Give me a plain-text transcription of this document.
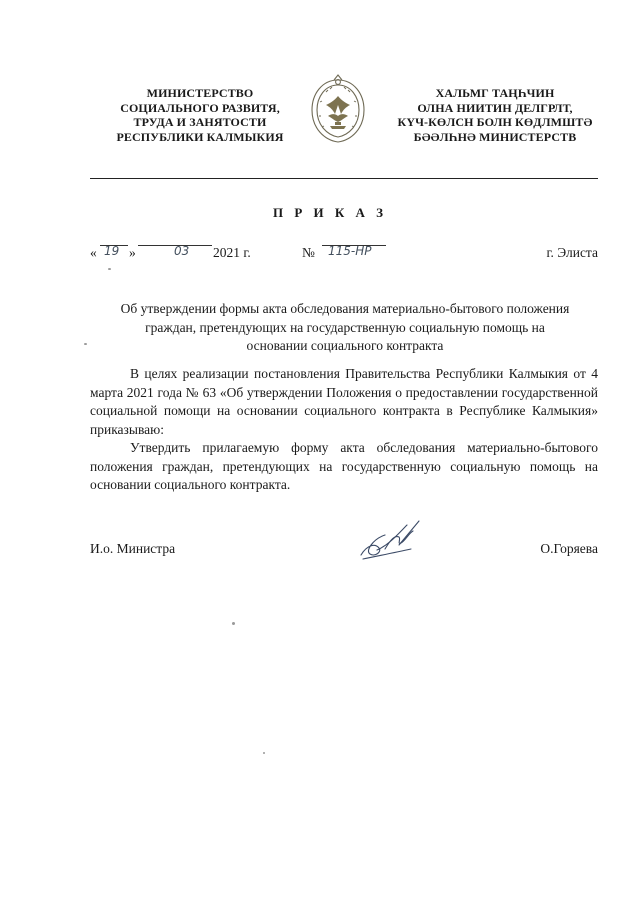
МИНИСТЕРСТВО
СОЦИАЛЬНОГО РАЗВИТЯ,
ТРУДА И ЗАНЯТОСТИ
РЕСПУБЛИКИ КАЛМЫКИЯ
ХАЛЬМГ ТАҢҺЧИН
ОЛНА НИИТИН ДЕЛГРЛТ,
КҮЧ-КӨЛСН БОЛН КӨДЛМШТӘ
БӘӘЛҺНӘ МИНИСТЕРСТВ
П Р И К А З
« 19 »	03 2021 г.	№ 115-НР	г. Элиста
Об утверждении формы акта обследования материально-бытового положения
граждан, претендующих на государственную социальную помощь на
основании социального контракта

В целях реализации постановления Правительства Республики Калмыкия от 4 марта 2021 года № 63 «Об утверждении Положения о предоставлении государственной социальной помощи на основании социального контракта в Республике Калмыкия» приказываю:

Утвердить прилагаемую форму акта обследования материально-бытового положения граждан, претендующих на государственную социальную помощь на основании социального контракта.

И.о. Министра	О.Горяева
